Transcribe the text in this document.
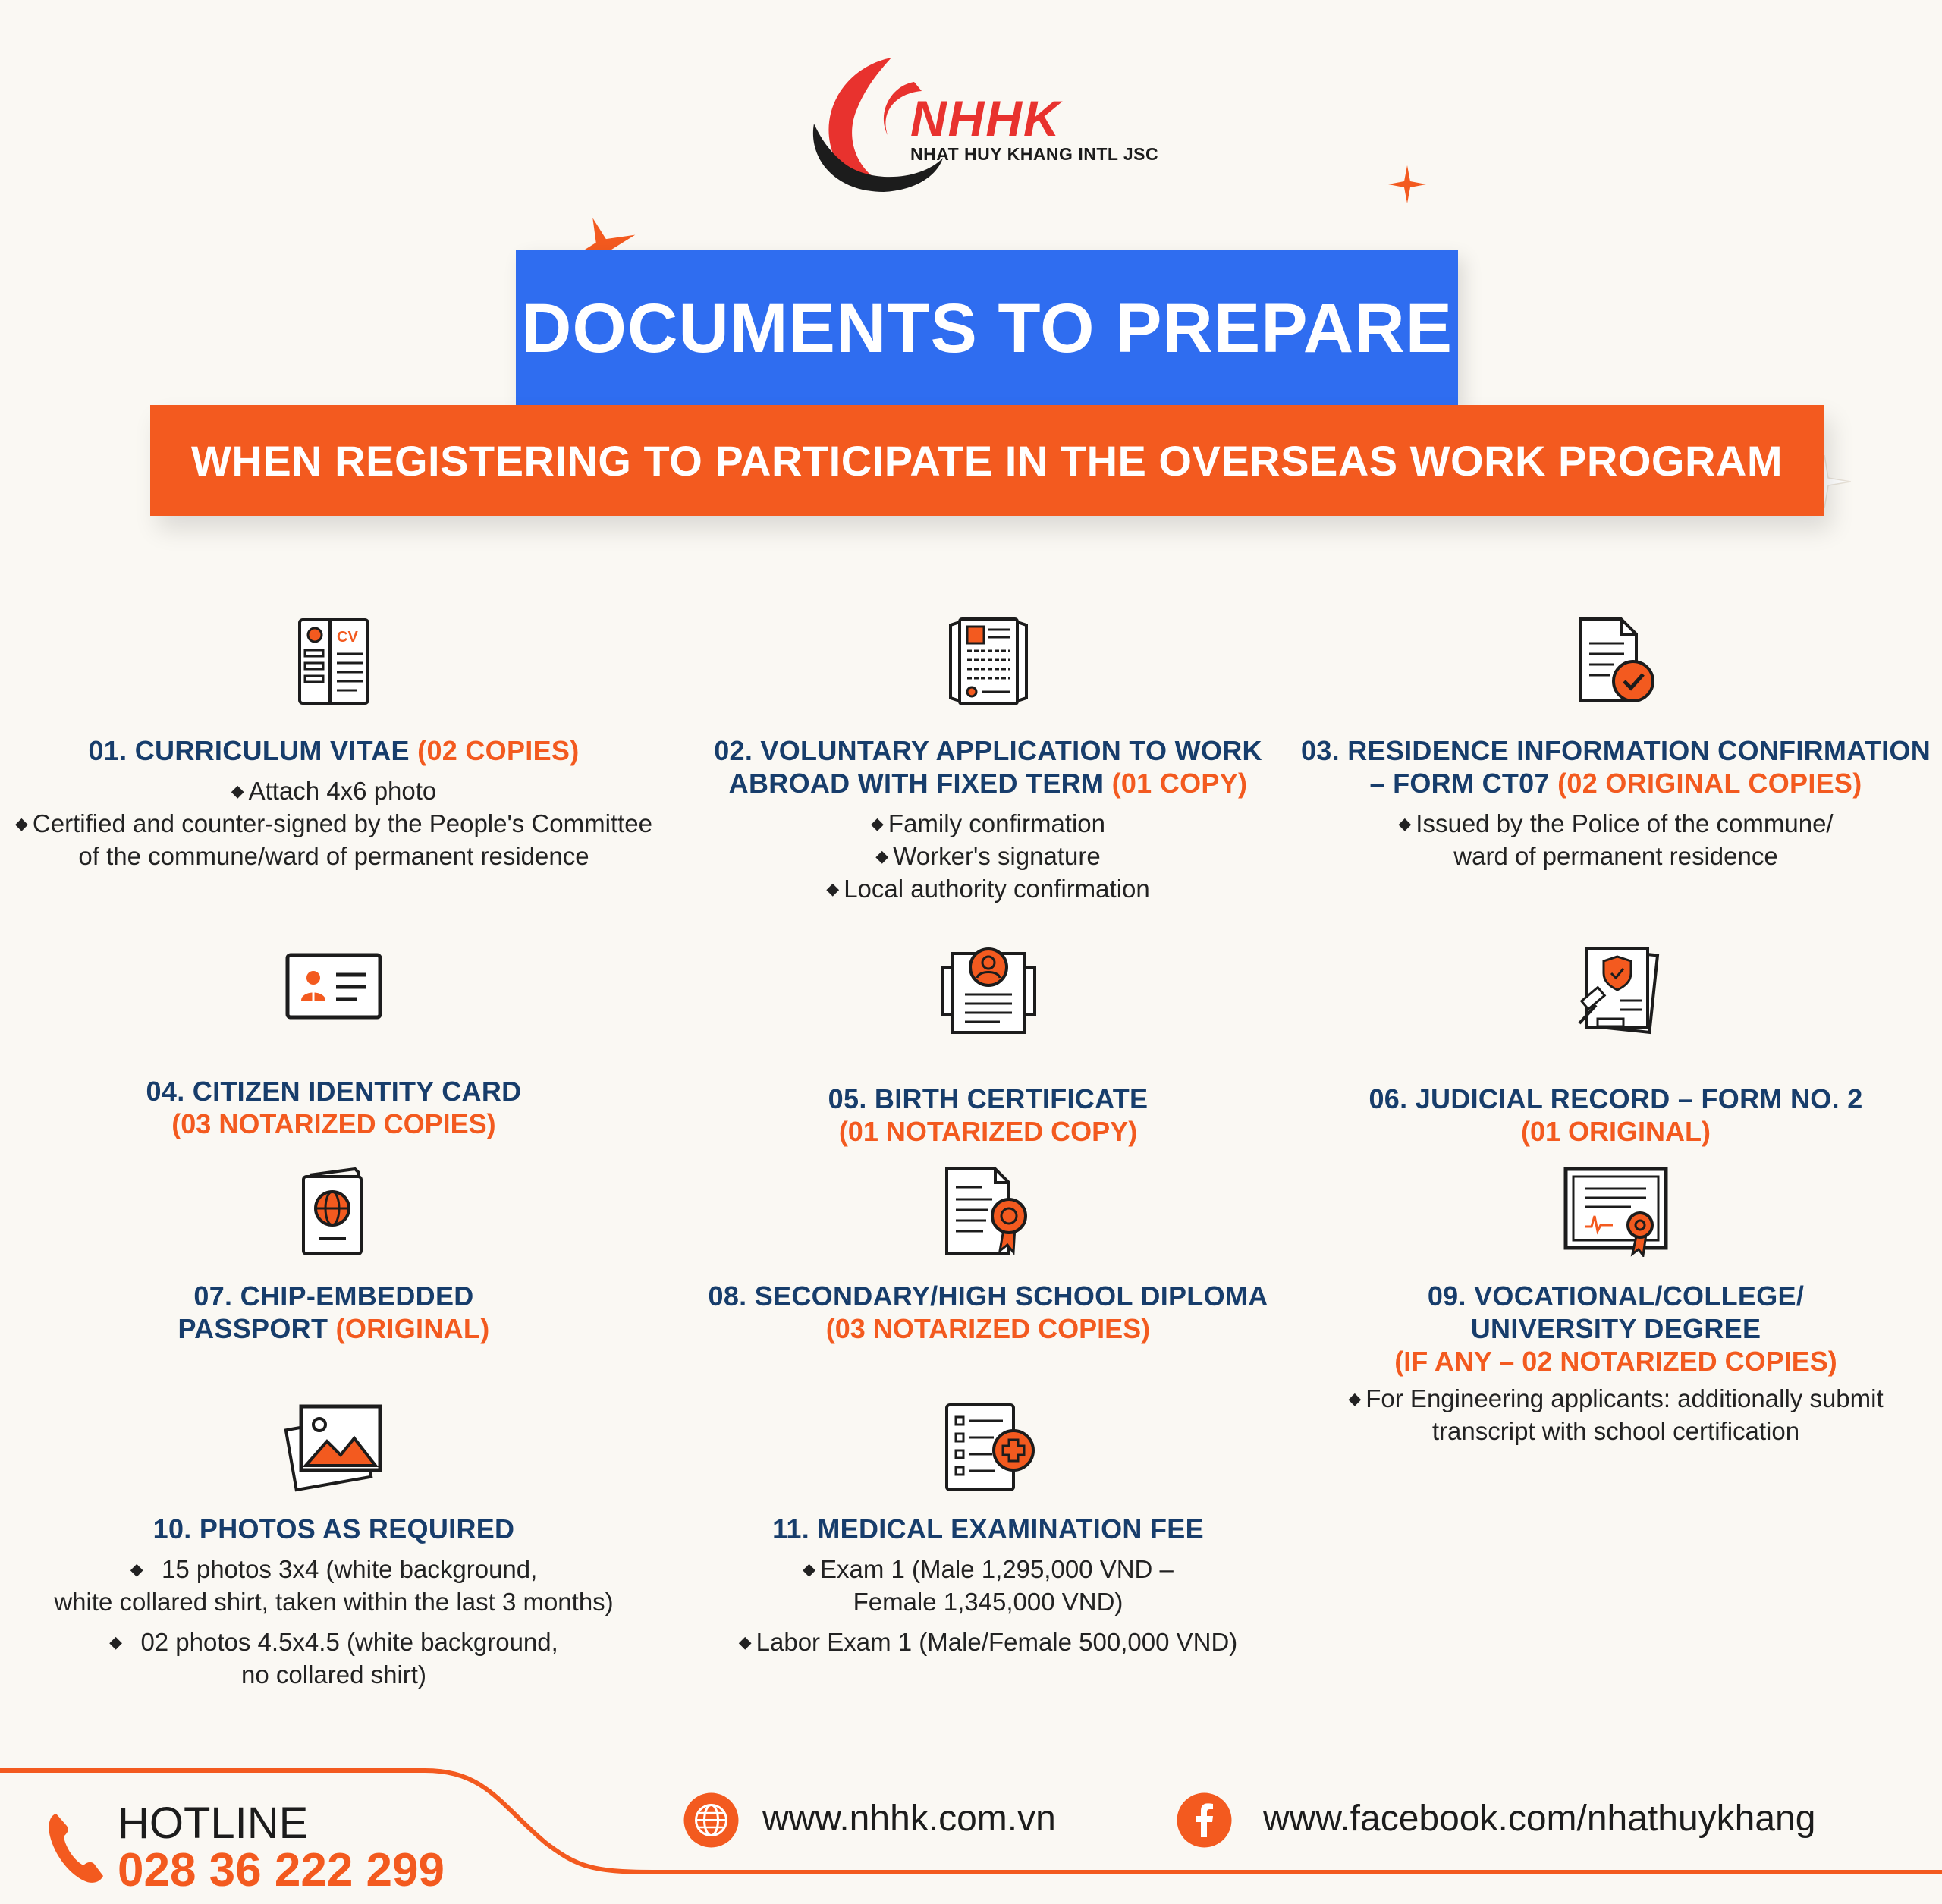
NHHK
NHAT HUY KHANG INTL JSC
DOCUMENTS TO PREPARE
WHEN REGISTERING TO PARTICIPATE IN THE OVERSEAS WORK PROGRAM
CV
01. CURRICULUM VITAE (02 COPIES)

◆ Attach 4x6 photo

◆ Certified and counter-signed by the People's Committee

of the commune/ward of permanent residence

02. VOLUNTARY APPLICATION TO WORK
ABROAD WITH FIXED TERM (01 COPY)

◆ Family confirmation

◆ Worker's signature

◆ Local authority confirmation

03. RESIDENCE INFORMATION CONFIRMATION
– FORM CT07 (02 ORIGINAL COPIES)

◆ Issued by the Police of the commune/

ward of permanent residence

04. CITIZEN IDENTITY CARD
(03 NOTARIZED COPIES)
05. BIRTH CERTIFICATE
(01 NOTARIZED COPY)
06. JUDICIAL RECORD – FORM NO. 2
(01 ORIGINAL)
07. CHIP-EMBEDDED
PASSPORT (ORIGINAL)
08. SECONDARY/HIGH SCHOOL DIPLOMA
(03 NOTARIZED COPIES)
09. VOCATIONAL/COLLEGE/
UNIVERSITY DEGREE
(IF ANY – 02 NOTARIZED COPIES)

◆ For Engineering applicants: additionally submit

transcript with school certification

10. PHOTOS AS REQUIRED

◆ 15 photos 3x4 (white background,

white collared shirt, taken within the last 3 months)

◆ 02 photos 4.5x4.5 (white background,

no collared shirt)

11. MEDICAL EXAMINATION FEE

◆ Exam 1 (Male 1,295,000 VND –

Female 1,345,000 VND)

◆ Labor Exam 1 (Male/Female 500,000 VND)

HOTLINE
028 36 222 299
www.nhhk.com.vn	www.facebook.com/nhathuykhang
